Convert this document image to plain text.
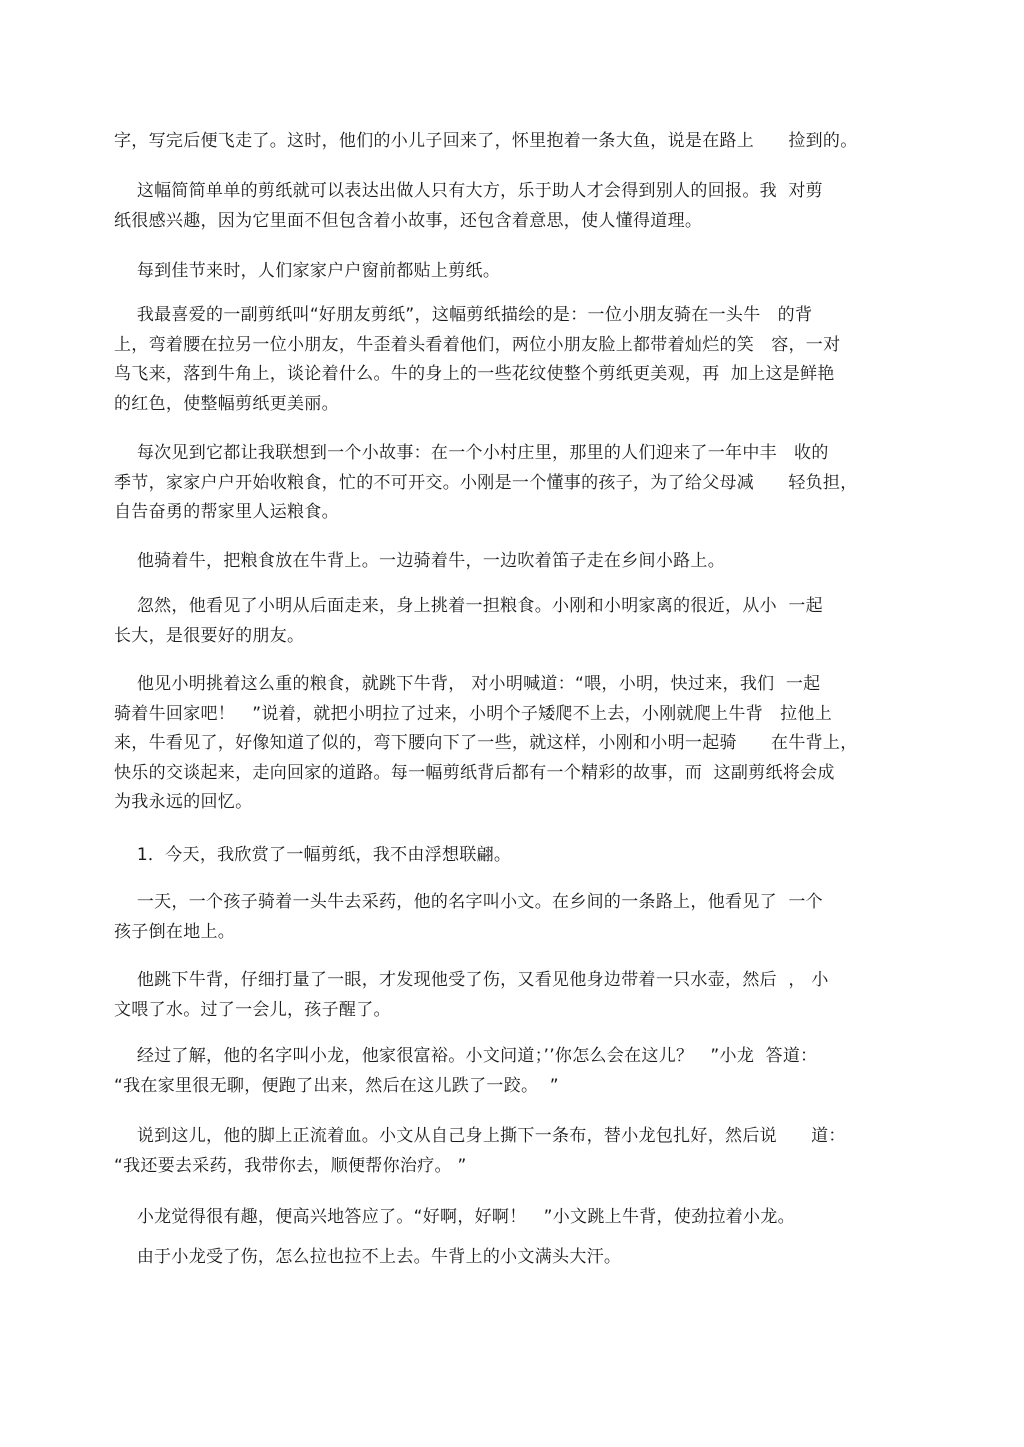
字，写完后便飞走了。这时，他们的小儿子回来了，怀里抱着一条大鱼，说是在路上      捡到的。
这幅简简单单的剪纸就可以表达出做人只有大方，乐于助人才会得到别人的回报。我  对剪
纸很感兴趣，因为它里面不但包含着小故事，还包含着意思，使人懂得道理。
每到佳节来时，人们家家户户窗前都贴上剪纸。
我最喜爱的一副剪纸叫“好朋友剪纸”，这幅剪纸描绘的是：一位小朋友骑在一头牛   的背
上，弯着腰在拉另一位小朋友，牛歪着头看着他们，两位小朋友脸上都带着灿烂的笑   容，一对
鸟飞来，落到牛角上，谈论着什么。牛的身上的一些花纹使整个剪纸更美观，再  加上这是鲜艳
的红色，使整幅剪纸更美丽。
每次见到它都让我联想到一个小故事：在一个小村庄里，那里的人们迎来了一年中丰   收的
季节，家家户户开始收粮食，忙的不可开交。小刚是一个懂事的孩子，为了给父母减      轻负担，
自告奋勇的帮家里人运粮食。
他骑着牛，把粮食放在牛背上。一边骑着牛，一边吹着笛子走在乡间小路上。
忽然，他看见了小明从后面走来，身上挑着一担粮食。小刚和小明家离的很近，从小  一起
长大，是很要好的朋友。
他见小明挑着这么重的粮食，就跳下牛背， 对小明喊道：“喂，小明，快过来，我们  一起
骑着牛回家吧！   ”说着，就把小明拉了过来，小明个子矮爬不上去，小刚就爬上牛背   拉他上
来，牛看见了，好像知道了似的，弯下腰向下了一些，就这样，小刚和小明一起骑      在牛背上，
快乐的交谈起来，走向回家的道路。每一幅剪纸背后都有一个精彩的故事，而  这副剪纸将会成
为我永远的回忆。
1．今天，我欣赏了一幅剪纸，我不由浮想联翩。
一天，一个孩子骑着一头牛去采药，他的名字叫小文。在乡间的一条路上，他看见了  一个
孩子倒在地上。
他跳下牛背，仔细打量了一眼，才发现他受了伤，又看见他身边带着一只水壶，然后  ， 小
文喂了水。过了一会儿，孩子醒了。
经过了解，他的名字叫小龙，他家很富裕。小文问道；’’你怎么会在这儿？   ”小龙  答道：
“我在家里很无聊，便跑了出来，然后在这儿跌了一跤。  ”
说到这儿，他的脚上正流着血。小文从自己身上撕下一条布，替小龙包扎好，然后说      道：
“我还要去采药，我带你去，顺便帮你治疗。 ”
小龙觉得很有趣，便高兴地答应了。“好啊，好啊！   ”小文跳上牛背，使劲拉着小龙。
由于小龙受了伤，怎么拉也拉不上去。牛背上的小文满头大汗。
